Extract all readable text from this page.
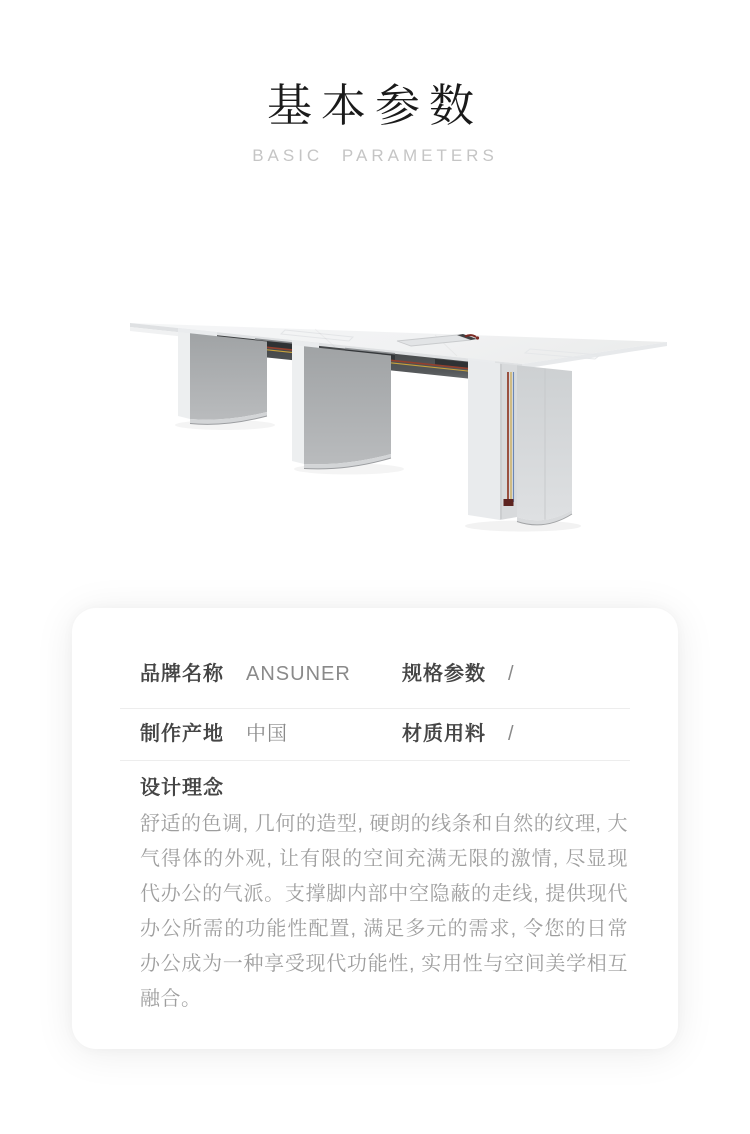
基本参数
BASIC PARAMETERS
品牌名称 ANSUNER	规格参数 /
制作产地 中国	材质用料 /
设计理念

舒适的色调, 几何的造型, 硬朗的线条和自然的纹理, 大气得体的外观, 让有限的空间充满无限的激情, 尽显现代办公的气派。支撑脚内部中空隐蔽的走线, 提供现代办公所需的功能性配置, 满足多元的需求, 令您的日常办公成为一种享受现代功能性, 实用性与空间美学相互融合。
